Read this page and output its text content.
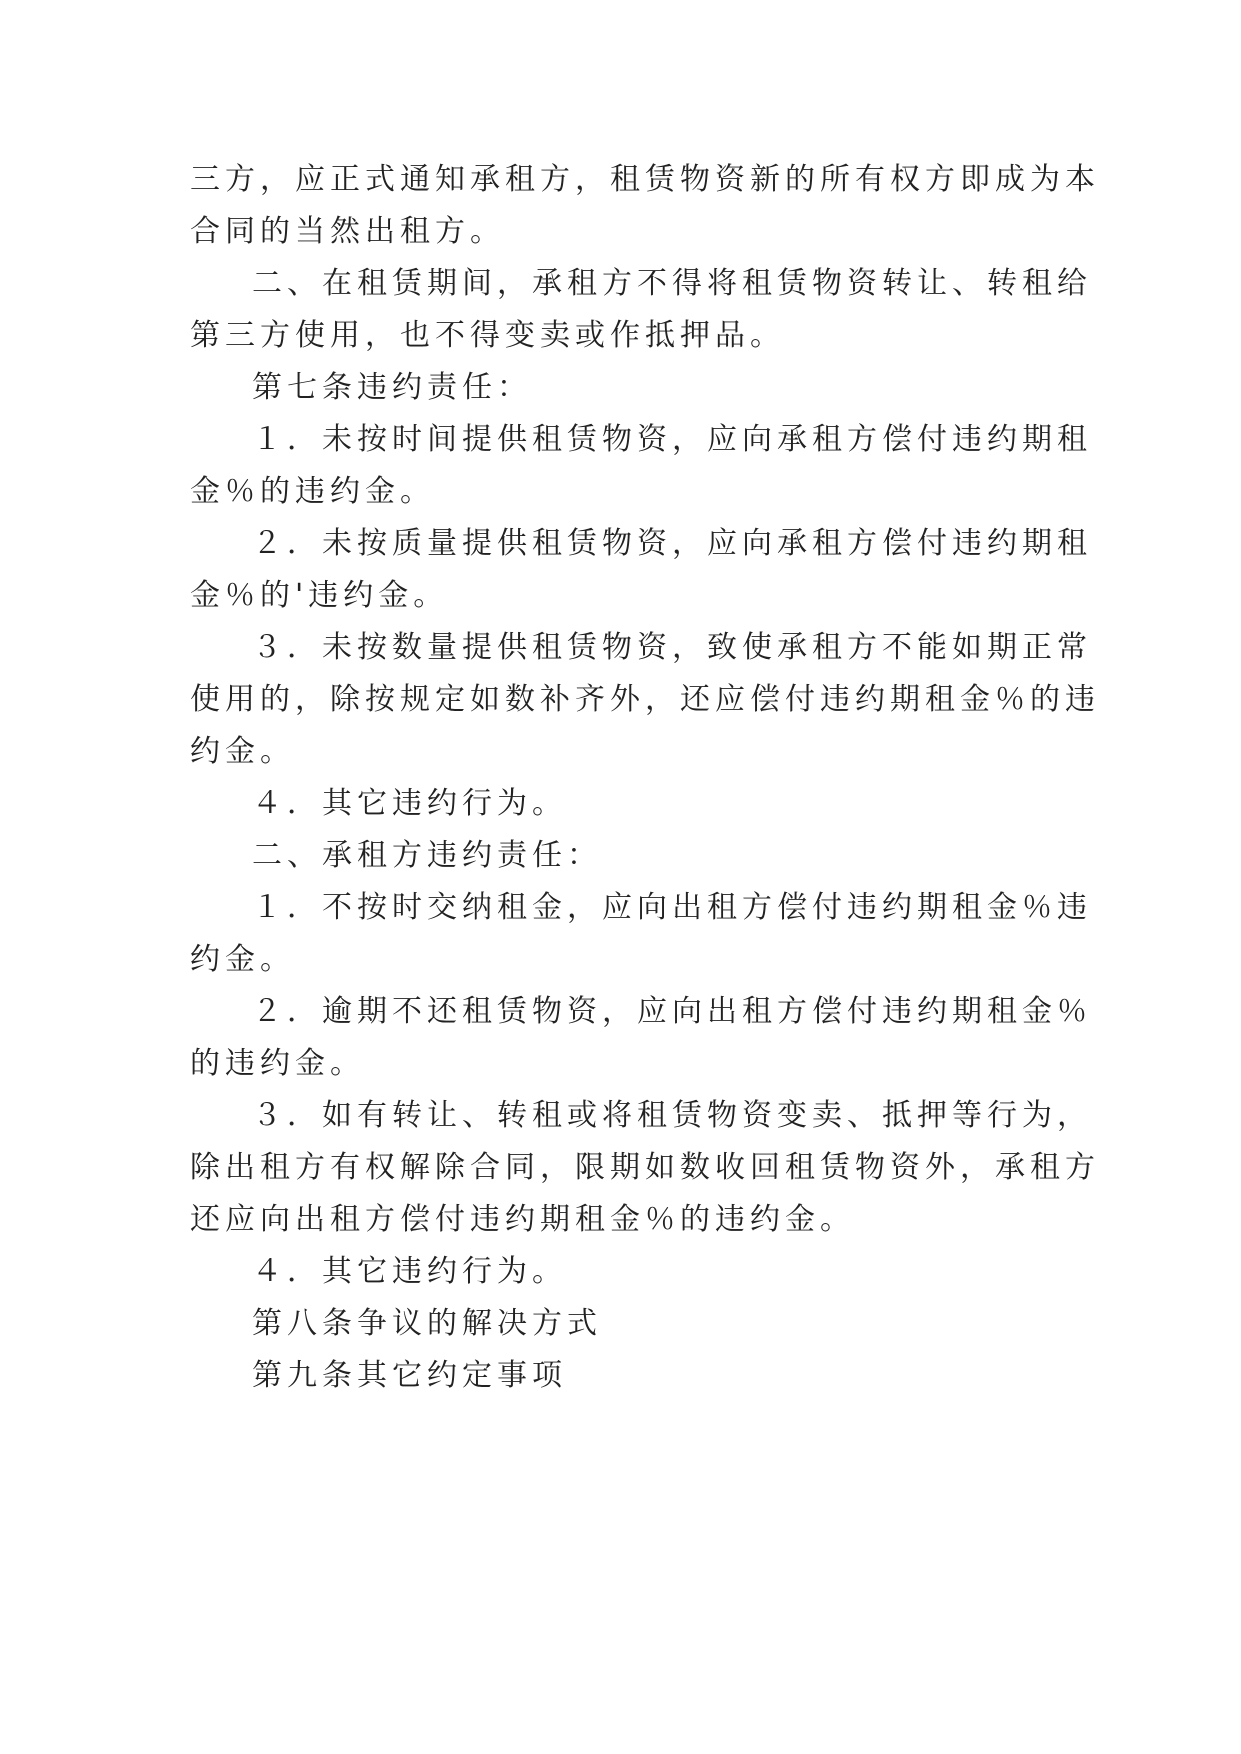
三方，应正式通知承租方，租赁物资新的所有权方即成为本
合同的当然出租方。
二、在租赁期间，承租方不得将租赁物资转让、转租给
第三方使用，也不得变卖或作抵押品。
第七条违约责任：
１．未按时间提供租赁物资，应向承租方偿付违约期租
金％的违约金。
２．未按质量提供租赁物资，应向承租方偿付违约期租
金％的'违约金。
３．未按数量提供租赁物资，致使承租方不能如期正常
使用的，除按规定如数补齐外，还应偿付违约期租金％的违
约金。
４．其它违约行为。
二、承租方违约责任：
１．不按时交纳租金，应向出租方偿付违约期租金％违
约金。
２．逾期不还租赁物资，应向出租方偿付违约期租金％
的违约金。
３．如有转让、转租或将租赁物资变卖、抵押等行为，
除出租方有权解除合同，限期如数收回租赁物资外，承租方
还应向出租方偿付违约期租金％的违约金。
４．其它违约行为。
第八条争议的解决方式
第九条其它约定事项
